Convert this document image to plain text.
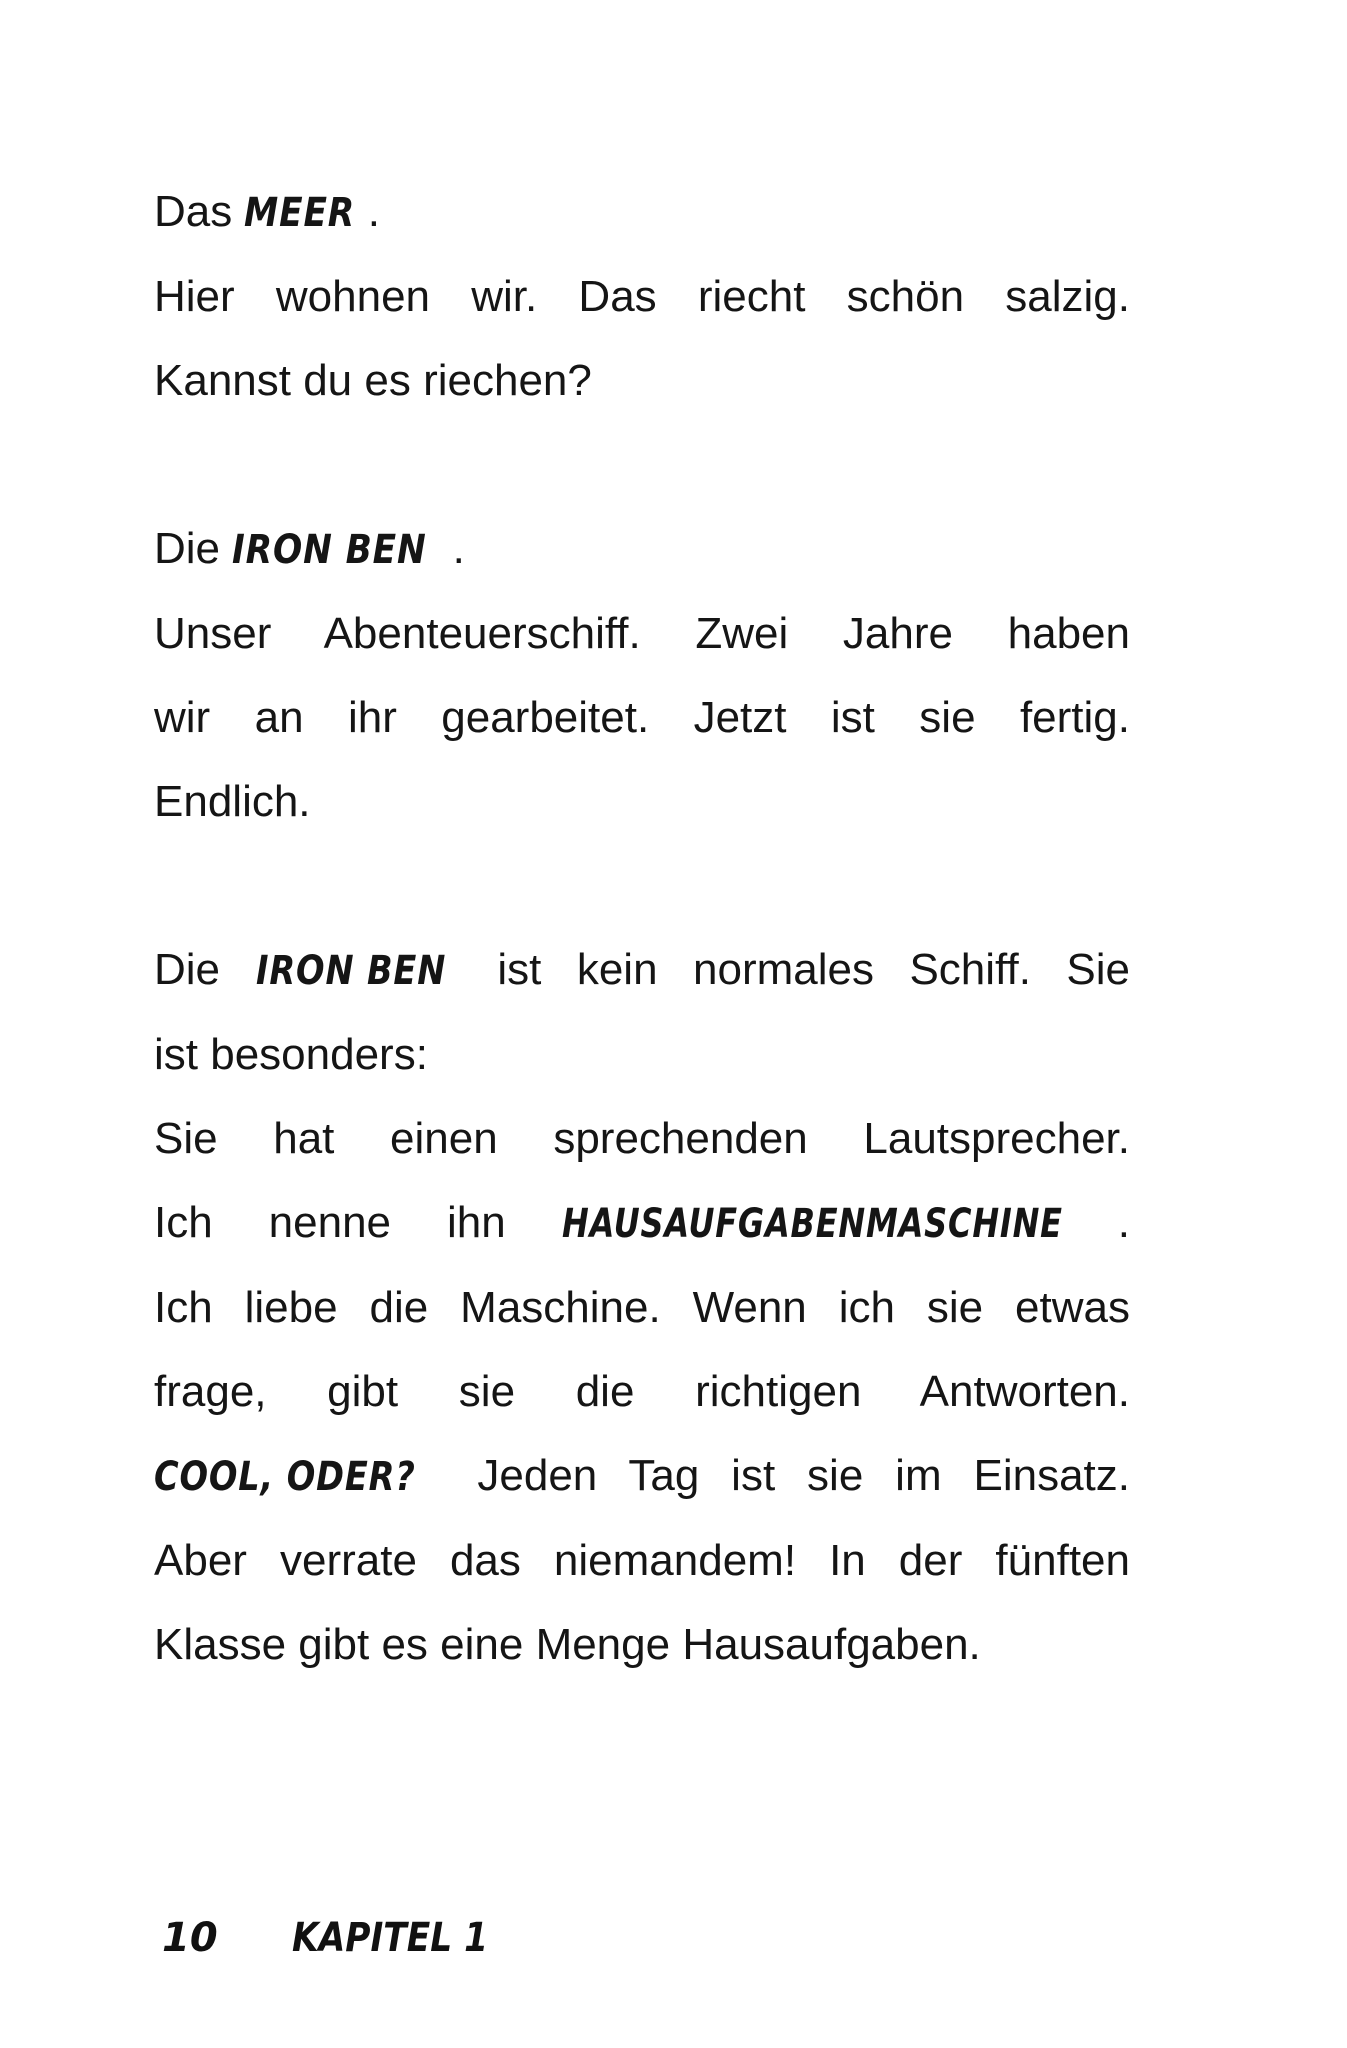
Das MEER .
Hier wohnen wir. Das riecht schön salzig.
Kannst du es riechen?

Die IRON BEN .
Unser Abenteuerschiff. Zwei Jahre haben
wir an ihr gearbeitet. Jetzt ist sie fertig.
Endlich.

Die IRON BEN ist kein normales Schiff. Sie
ist besonders:
Sie hat einen sprechenden Lautsprecher.
Ich nenne ihn HAUSAUFGABENMASCHINE .
Ich liebe die Maschine. Wenn ich sie etwas
frage, gibt sie die richtigen Antworten.
COOL, ODER? Jeden Tag ist sie im Einsatz.
Aber verrate das niemandem! In der fünften
Klasse gibt es eine Menge Hausaufgaben.

10 KAPITEL 1
